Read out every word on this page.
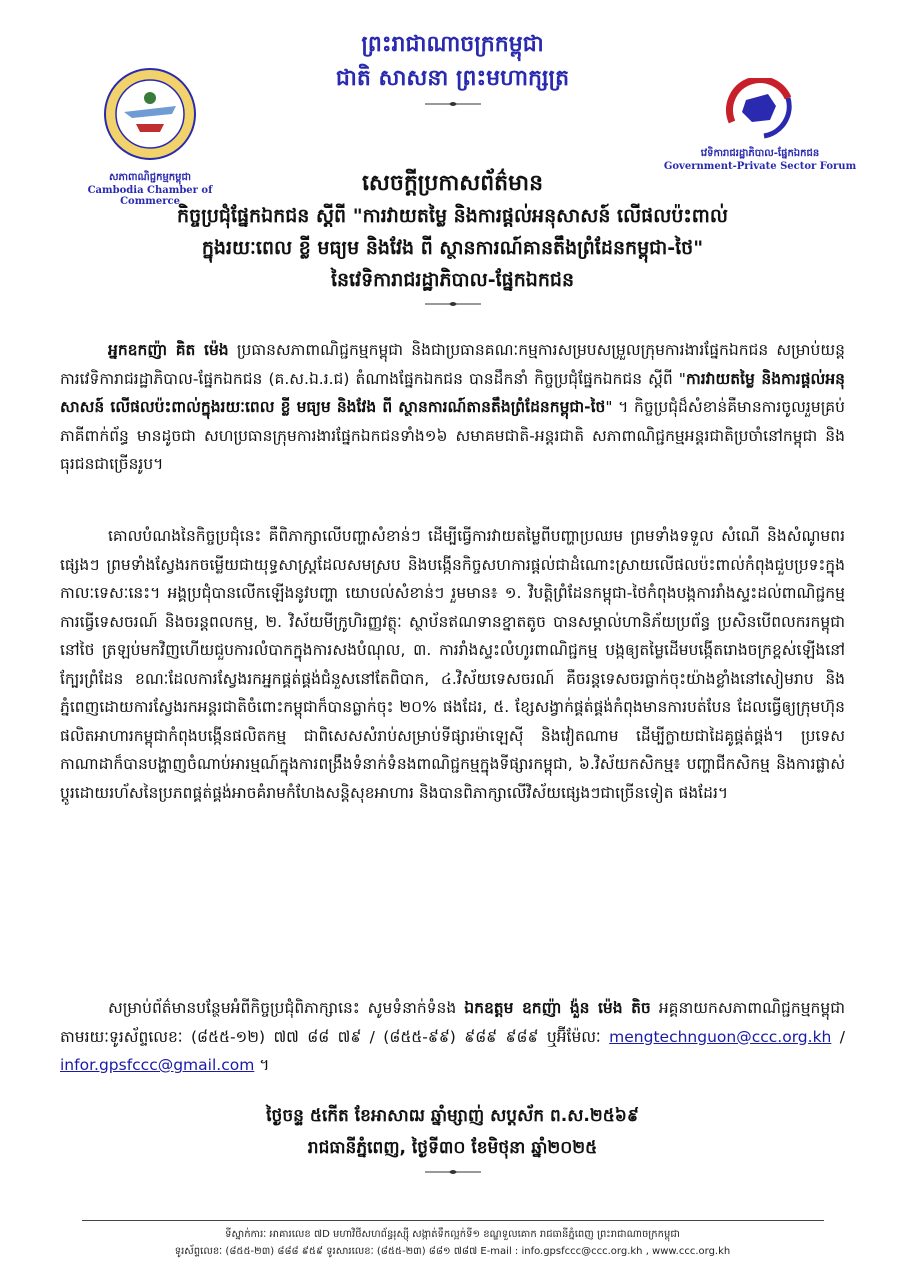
ព្រះរាជាណាចក្រកម្ពុជា
ជាតិ សាសនា ព្រះមហាក្សត្រ
សភាពាណិជ្ជកម្មកម្ពុជា
Cambodia Chamber of Commerce
វេទិការាជរដ្ឋាភិបាល-ផ្នែកឯកជន
Government-Private Sector Forum
សេចក្តីប្រកាសព័ត៌មាន
កិច្ចប្រជុំផ្នែកឯកជន ស្តីពី "ការវាយតម្លៃ និងការផ្តល់អនុសាសន៍ លើផលប៉ះពាល់
ក្នុងរយៈពេល ខ្លី មធ្យម និងវែង ពី ស្ថានការណ៍គានតឹងព្រំដែនកម្ពុជា-ថៃ"
នៃវេទិការាជរដ្ឋាភិបាល-ផ្នែកឯកជន
អ្នកឧកញ៉ា គិត ម៉េង ប្រធានសភាពាណិជ្ជកម្មកម្ពុជា និងជាប្រធានគណៈកម្មការសម្របសម្រួលក្រុមការងារផ្នែកឯកជន សម្រាប់យន្តការវេទិការាជរដ្ឋាភិបាល-ផ្នែកឯកជន (គ.ស.ឯ.រ.ជ) តំណាងផ្នែកឯកជន បានដឹកនាំ កិច្ចប្រជុំផ្នែកឯកជន ស្តីពី "ការវាយតម្លៃ និងការផ្តល់អនុសាសន៍ លើផលប៉ះពាល់ក្នុងរយៈពេល ខ្លី មធ្យម និងវែង ពី ស្ថានការណ៍តានតឹងព្រំដែនកម្ពុជា-ថៃ" ។ កិច្ចប្រជុំដ៏សំខាន់គឺមានការចូលរួមគ្រប់ភាគីពាក់ព័ន្ធ មានដូចជា សហប្រធានក្រុមការងារផ្នែកឯកជនទាំង១៦ សមាគមជាតិ-អន្តរជាតិ សភាពាណិជ្ជកម្មអន្តរជាតិប្រចាំនៅកម្ពុជា និងធុរជនជាច្រើនរូប។
គោលបំណងនៃកិច្ចប្រជុំនេះ គឺពិភាក្សាលើបញ្ហាសំខាន់ៗ ដើម្បីធ្វើការវាយតម្លៃពីបញ្ហាប្រឈម ព្រមទាំងទទួល សំណើ និងសំណូមពរផ្សេងៗ ព្រមទាំងស្វែងរកចម្លើយជាយុទ្ធសាស្ត្រដែលសមស្រប និងបង្កើនកិច្ចសហការផ្តល់ជាដំណោះស្រាយលើផលប៉ះពាល់កំពុងជួបប្រទះក្នុងកាលៈទេសៈនេះ។ អង្គប្រជុំបានលើកឡើងនូវបញ្ហា យោបល់សំខាន់ៗ រួមមាន៖ ១. វិបត្តិព្រំដែនកម្ពុជា-ថៃកំពុងបង្កការរាំងស្ទះដល់ពាណិជ្ជកម្ម ការធ្វើទេសចរណ៍ និងចរន្តពលកម្ម, ២. វិស័យមីក្រូហិរញ្ញវត្ថុៈ ស្ថាប័នឥណទានខ្នាតតូច បានសម្គាល់ហានិភ័យប្រព័ន្ធ ប្រសិនបើពលករកម្ពុជានៅថៃ ត្រឡប់មកវិញហើយជួបការលំបាកក្នុងការសងបំណុល, ៣. ការរាំងស្ទះលំហូរពាណិជ្ជកម្ម បង្កឲ្យតម្លៃដើមបង្កើតរោងចក្រខ្ពស់ឡើងនៅក្បែរព្រំដែន ខណៈដែលការស្វែងរកអ្នកផ្គត់ផ្គង់ជំនួសនៅតែពិបាក, ៤.វិស័យទេសចរណ៍ គឺចរន្តទេសចរធ្លាក់ចុះយ៉ាងខ្លាំងនៅសៀមរាប និងភ្នំពេញដោយការស្វែងរកអន្តរជាតិចំពោះកម្ពុជាក៏បានធ្លាក់ចុះ ២០% ផងដែរ, ៥. ខ្សែសង្វាក់ផ្គត់ផ្គង់កំពុងមានការបត់បែន ដែលធ្វើឲ្យក្រុមហ៊ុនផលិតអាហារកម្ពុជាកំពុងបង្កើនផលិតកម្ម ជាពិសេសសំរាប់សម្រាប់ទីផ្សារម៉ាឡេស៊ី និងវៀតណាម ដើម្បីក្លាយជាដៃគូផ្គត់ផ្គង់។ ប្រទេសកាណាដាក៏បានបង្ហាញចំណាប់អារម្មណ៍ក្នុងការពង្រឹងទំនាក់ទំនងពាណិជ្ជកម្មក្នុងទីផ្សារកម្ពុជា, ៦.វិស័យកសិកម្ម៖ បញ្ហាជីកសិកម្ម និងការផ្លាស់ប្តូរដោយរហ័សនៃប្រភពផ្គត់ផ្គង់អាចគំរាមកំហែងសន្តិសុខអាហារ និងបានពិភាក្សាលើវិស័យផ្សេងៗជាច្រើនទៀត ផងដែរ។
សម្រាប់ព័ត៌មានបន្ថែមអំពីកិច្ចប្រជុំពិភាក្សានេះ សូមទំនាក់ទំនង ឯកឧត្តម ឧកញ៉ា ង៉ួន ម៉េង តិច អគ្គនាយកសភាពាណិជ្ជកម្មកម្ពុជា តាមរយៈទូរស័ព្ទលេខៈ (៨៥៥-១២) ៧៧ ៨៨ ៧៩ / (៨៥៥-៩៩) ៩៨៩ ៩៨៩ ឬអ៊ីម៉ែលៈ mengtechnguon@ccc.org.kh / infor.gpsfccc@gmail.com ។
ថ្ងៃចន្ទ ៥កើត ខែអាសាឍ ឆ្នាំម្សាញ់ សប្តស័ក ព.ស.២៥៦៩
រាជធានីភ្នំពេញ, ថ្ងៃទី៣០ ខែមិថុនា ឆ្នាំ២០២៥
ទីស្នាក់ការៈ អាគារលេខ ៧D មហាវិថីសហព័ន្ធរុស្ស៊ី សង្កាត់ទឹកល្អក់ទី១ ខណ្ឌទួលគោក រាជធានីភ្នំពេញ ព្រះរាជាណាចក្រកម្ពុជា
ទូរស័ព្ទលេខៈ (៨៥៥-២៣) ៨៨៨ ៩៥៩ ទូរសារលេខៈ (៨៥៥-២៣) ៨៨១ ៧៨៧ E-mail : info.gpsfccc@ccc.org.kh , www.ccc.org.kh
